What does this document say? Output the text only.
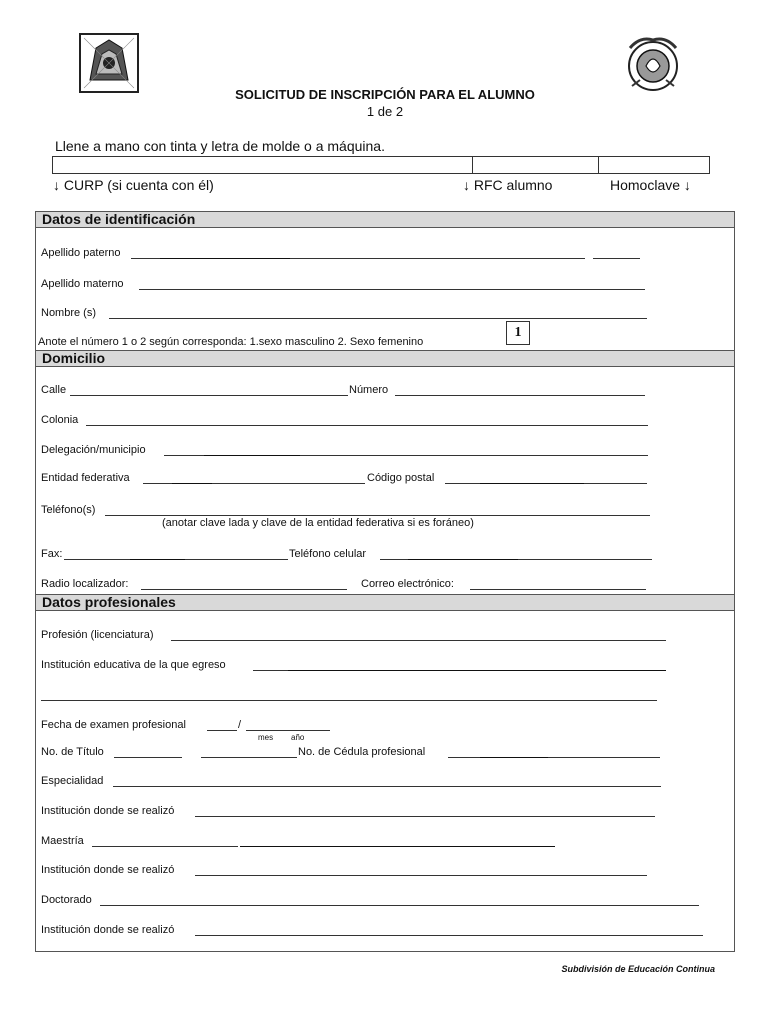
SOLICITUD DE INSCRIPCIÓN PARA EL ALUMNO
1 de 2
Llene a mano con tinta y letra de molde o a máquina.
↓ CURP (si cuenta con él)	↓ RFC alumno	Homoclave ↓
Datos de identificación
Apellido paterno
Apellido materno
Nombre (s)
Anote el número 1 o 2 según corresponda: 1.sexo masculino 2. Sexo femenino
1
Domicilio
Calle	Número
Colonia
Delegación/municipio
Entidad federativa	Código postal
Teléfono(s)
(anotar clave lada y clave de la entidad federativa si es foráneo)
Fax:	Teléfono celular
Radio localizador:	Correo electrónico:
Datos profesionales
Profesión (licenciatura)
Institución educativa de la que egreso
Fecha de examen profesional	/
mes año
No. de Título	No. de Cédula profesional
Especialidad
Institución donde se realizó
Maestría
Institución donde se realizó
Doctorado
Institución donde se realizó
Subdivisión de Educación Continua
